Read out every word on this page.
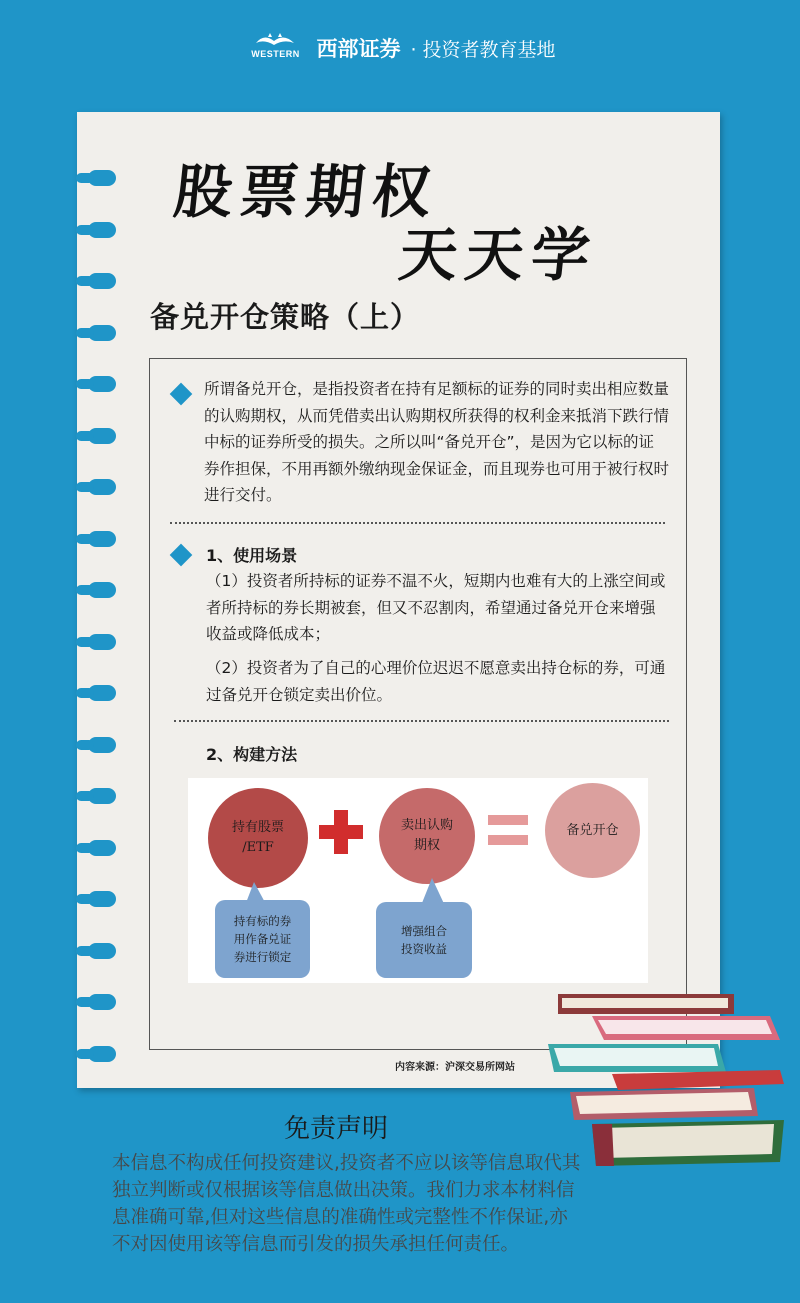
WESTERN 西部证券 · 投资者教育基地
股票期权
天天学
备兑开仓策略（上）
所谓备兑开仓，是指投资者在持有足额标的证券的同时卖出相应数量的认购期权，从而凭借卖出认购期权所获得的权利金来抵消下跌行情中标的证券所受的损失。之所以叫“备兑开仓”，是因为它以标的证券作担保，不用再额外缴纳现金保证金，而且现券也可用于被行权时进行交付。
1、使用场景
（1）投资者所持标的证券不温不火，短期内也难有大的上涨空间或者所持标的券长期被套，但又不忍割肉，希望通过备兑开仓来增强收益或降低成本；
（2）投资者为了自己的心理价位迟迟不愿意卖出持仓标的券，可通过备兑开仓锁定卖出价位。
2、构建方法
持有股票
/ETF
卖出认购
期权
备兑开仓
持有标的券
用作备兑证
券进行锁定
增强组合
投资收益
内容来源：沪深交易所网站
免责声明
本信息不构成任何投资建议,投资者不应以该等信息取代其独立判断或仅根据该等信息做出决策。我们力求本材料信息准确可靠,但对这些信息的准确性或完整性不作保证,亦不对因使用该等信息而引发的损失承担任何责任。
